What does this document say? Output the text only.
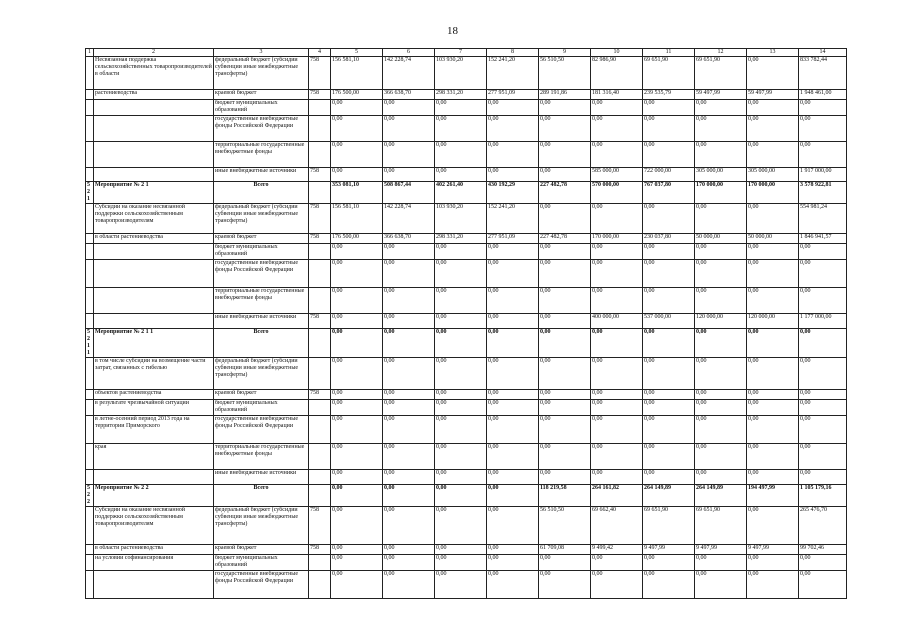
18
1	2	3	4	5	6	7	8	9	10	11	12	13	14
	Несвязанная поддержка сельскохозяйственных товаропроизводителей в области	федеральный бюджет (субсидии субвенции иные межбюджетные трансферты)	758	156 581,10	142 228,74	103 930,20	152 241,20	56 510,50	82 986,90	69 651,90	69 651,90	0,00	833 782,44
	растениеводства	краевой бюджет	758	176 500,00	366 638,70	298 331,20	277 951,09	289 191,86	181 316,40	239 535,79	59 497,99	59 497,99	1 948 461,00
		бюджет муниципальных образований		0,00	0,00	0,00	0,00	0,00	0,00	0,00	0,00	0,00	0,00
		государственные внебюджетные фонды Российской Федерации		0,00	0,00	0,00	0,00	0,00	0,00	0,00	0,00	0,00	0,00
		территориальные государственные внебюджетные фонды		0,00	0,00	0,00	0,00	0,00	0,00	0,00	0,00	0,00	0,00
		иные внебюджетные источники	758	0,00	0,00	0,00	0,00	0,00	585 000,00	722 000,00	305 000,00	305 000,00	1 917 000,00
5 2 1	Мероприятие № 2 1	Всего		353 081,10	508 867,44	402 261,40	430 192,29	227 482,78	570 000,00	767 037,80	170 000,00	170 000,00	3 578 922,81
	Субсидии на оказание несвязанной поддержки сельскохозяйственным товаропроизводителям	федеральный бюджет (субсидии субвенции иные межбюджетные трансферты)	758	156 581,10	142 228,74	103 930,20	152 241,20	0,00	0,00	0,00	0,00	0,00	554 981,24
	в области растениеводства	краевой бюджет	758	176 500,00	366 638,70	298 331,20	277 951,09	227 482,78	170 000,00	230 037,80	50 000,00	50 000,00	1 846 941,57
		бюджет муниципальных образований		0,00	0,00	0,00	0,00	0,00	0,00	0,00	0,00	0,00	0,00
		государственные внебюджетные фонды Российской Федерации		0,00	0,00	0,00	0,00	0,00	0,00	0,00	0,00	0,00	0,00
		территориальные государственные внебюджетные фонды		0,00	0,00	0,00	0,00	0,00	0,00	0,00	0,00	0,00	0,00
		иные внебюджетные источники	758	0,00	0,00	0,00	0,00	0,00	400 000,00	537 000,00	120 000,00	120 000,00	1 177 000,00
5 2 1 1	Мероприятие № 2 1 1	Всего		0,00	0,00	0,00	0,00	0,00	0,00	0,00	0,00	0,00	0,00
	в том числе субсидии на возмещение части затрат, связанных с гибелью	федеральный бюджет (субсидии субвенции иные межбюджетные трансферты)		0,00	0,00	0,00	0,00	0,00	0,00	0,00	0,00	0,00	0,00
	объектов растениеводства	краевой бюджет	758	0,00	0,00	0,00	0,00	0,00	0,00	0,00	0,00	0,00	0,00
	в результате чрезвычайной ситуации	бюджет муниципальных образований		0,00	0,00	0,00	0,00	0,00	0,00	0,00	0,00	0,00	0,00
	в летне-осенний период 2013 года на территории Приморского	государственные внебюджетные фонды Российской Федерации		0,00	0,00	0,00	0,00	0,00	0,00	0,00	0,00	0,00	0,00
	края	территориальные государственные внебюджетные фонды		0,00	0,00	0,00	0,00	0,00	0,00	0,00	0,00	0,00	0,00
		иные внебюджетные источники		0,00	0,00	0,00	0,00	0,00	0,00	0,00	0,00	0,00	0,00
5 2 2	Мероприятие № 2 2	Всего		0,00	0,00	0,00	0,00	118 219,58	264 161,82	264 149,89	264 149,89	194 497,99	1 105 179,16
	Субсидии на оказание несвязанной поддержки сельскохозяйственным товаропроизводителям	федеральный бюджет (субсидии субвенции иные межбюджетные трансферты)	758	0,00	0,00	0,00	0,00	56 510,50	69 662,40	69 651,90	69 651,90	0,00	265 476,70
	в области растениеводства	краевой бюджет	758	0,00	0,00	0,00	0,00	61 709,08	9 499,42	9 497,99	9 497,99	9 497,99	99 702,46
	на условии софинансирования	бюджет муниципальных образований		0,00	0,00	0,00	0,00	0,00	0,00	0,00	0,00	0,00	0,00
		государственные внебюджетные фонды Российской Федерации		0,00	0,00	0,00	0,00	0,00	0,00	0,00	0,00	0,00	0,00
